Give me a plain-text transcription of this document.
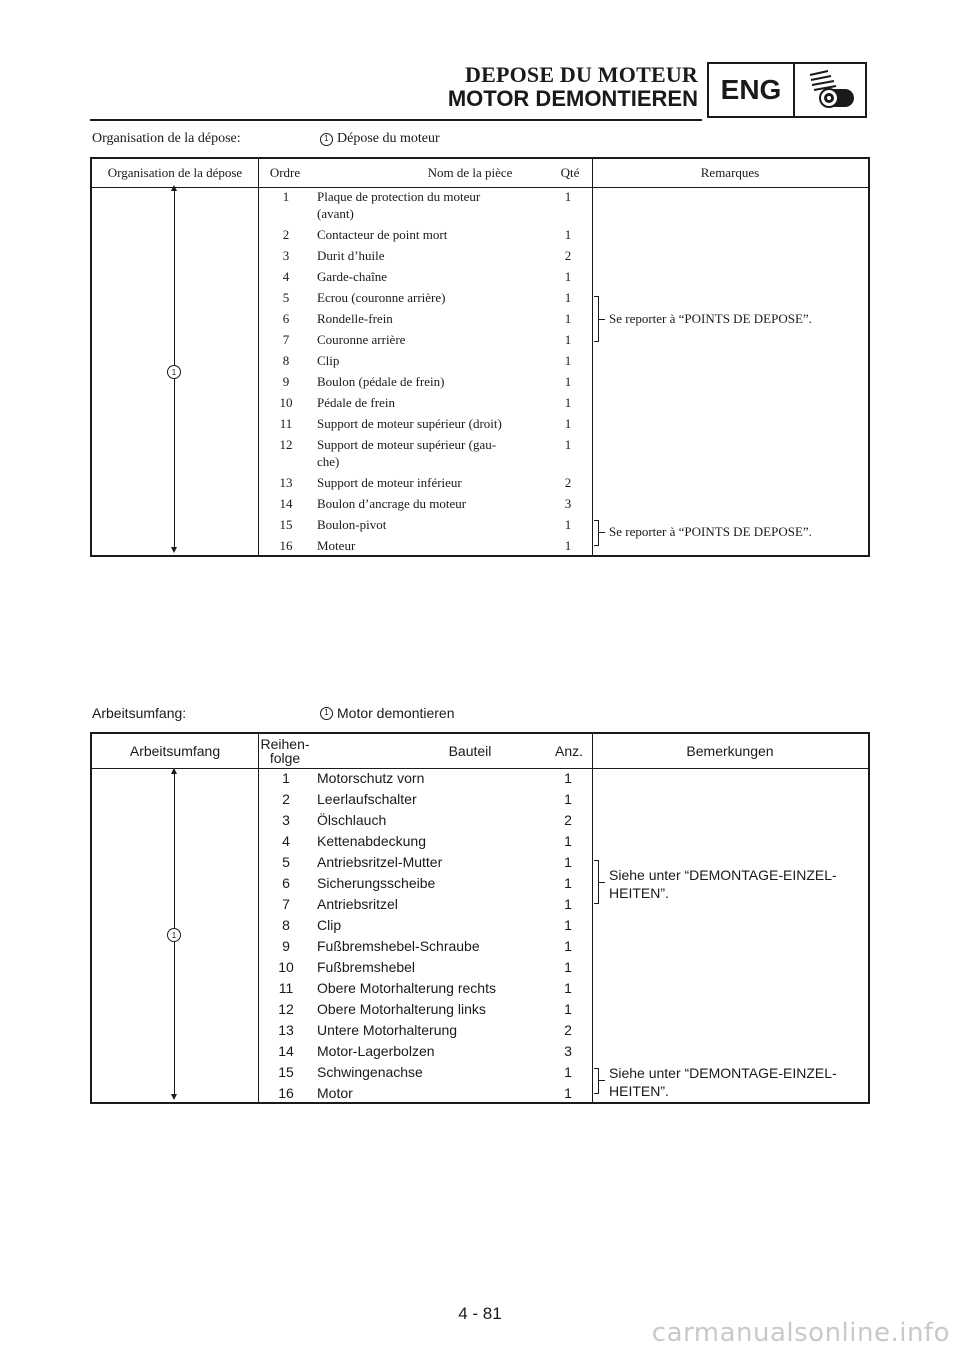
DEPOSE DU MOTEUR
MOTOR DEMONTIEREN ENG
Organisation de la dépose:	1 Dépose du moteur
Organisation de la dépose	Ordre	Nom de la pièce	Qté	Remarques
1
1	Plaque de protection du moteur	1
(avant)
2	Contacteur de point mort	1
3	Durit d’huile	2
4	Garde-chaîne	1
5	Ecrou (couronne arrière)	1
6	Rondelle-frein	1
7	Couronne arrière	1
8	Clip	1
9	Boulon (pédale de frein)	1
10	Pédale de frein	1
11	Support de moteur supérieur (droit)	1
12	Support de moteur supérieur (gau-	1
che)
13	Support de moteur inférieur	2
14	Boulon d’ancrage du moteur	3
15	Boulon-pivot	1
16	Moteur	1
Se reporter à “POINTS DE DEPOSE”.
Se reporter à “POINTS DE DEPOSE”.
Arbeitsumfang:	1 Motor demontieren
Arbeitsumfang	Reihen-
folge	Bauteil	Anz.	Bemerkungen
1
1	Motorschutz vorn	1
2	Leerlaufschalter	1
3	Ölschlauch	2
4	Kettenabdeckung	1
5	Antriebsritzel-Mutter	1
6	Sicherungsscheibe	1
7	Antriebsritzel	1
8	Clip	1
9	Fußbremshebel-Schraube	1
10	Fußbremshebel	1
11	Obere Motorhalterung rechts	1
12	Obere Motorhalterung links	1
13	Untere Motorhalterung	2
14	Motor-Lagerbolzen	3
15	Schwingenachse	1
16	Motor	1
Siehe unter “DEMONTAGE-EINZEL-
HEITEN”.
Siehe unter “DEMONTAGE-EINZEL-
HEITEN”.
4 - 81
carmanualsonline.info
